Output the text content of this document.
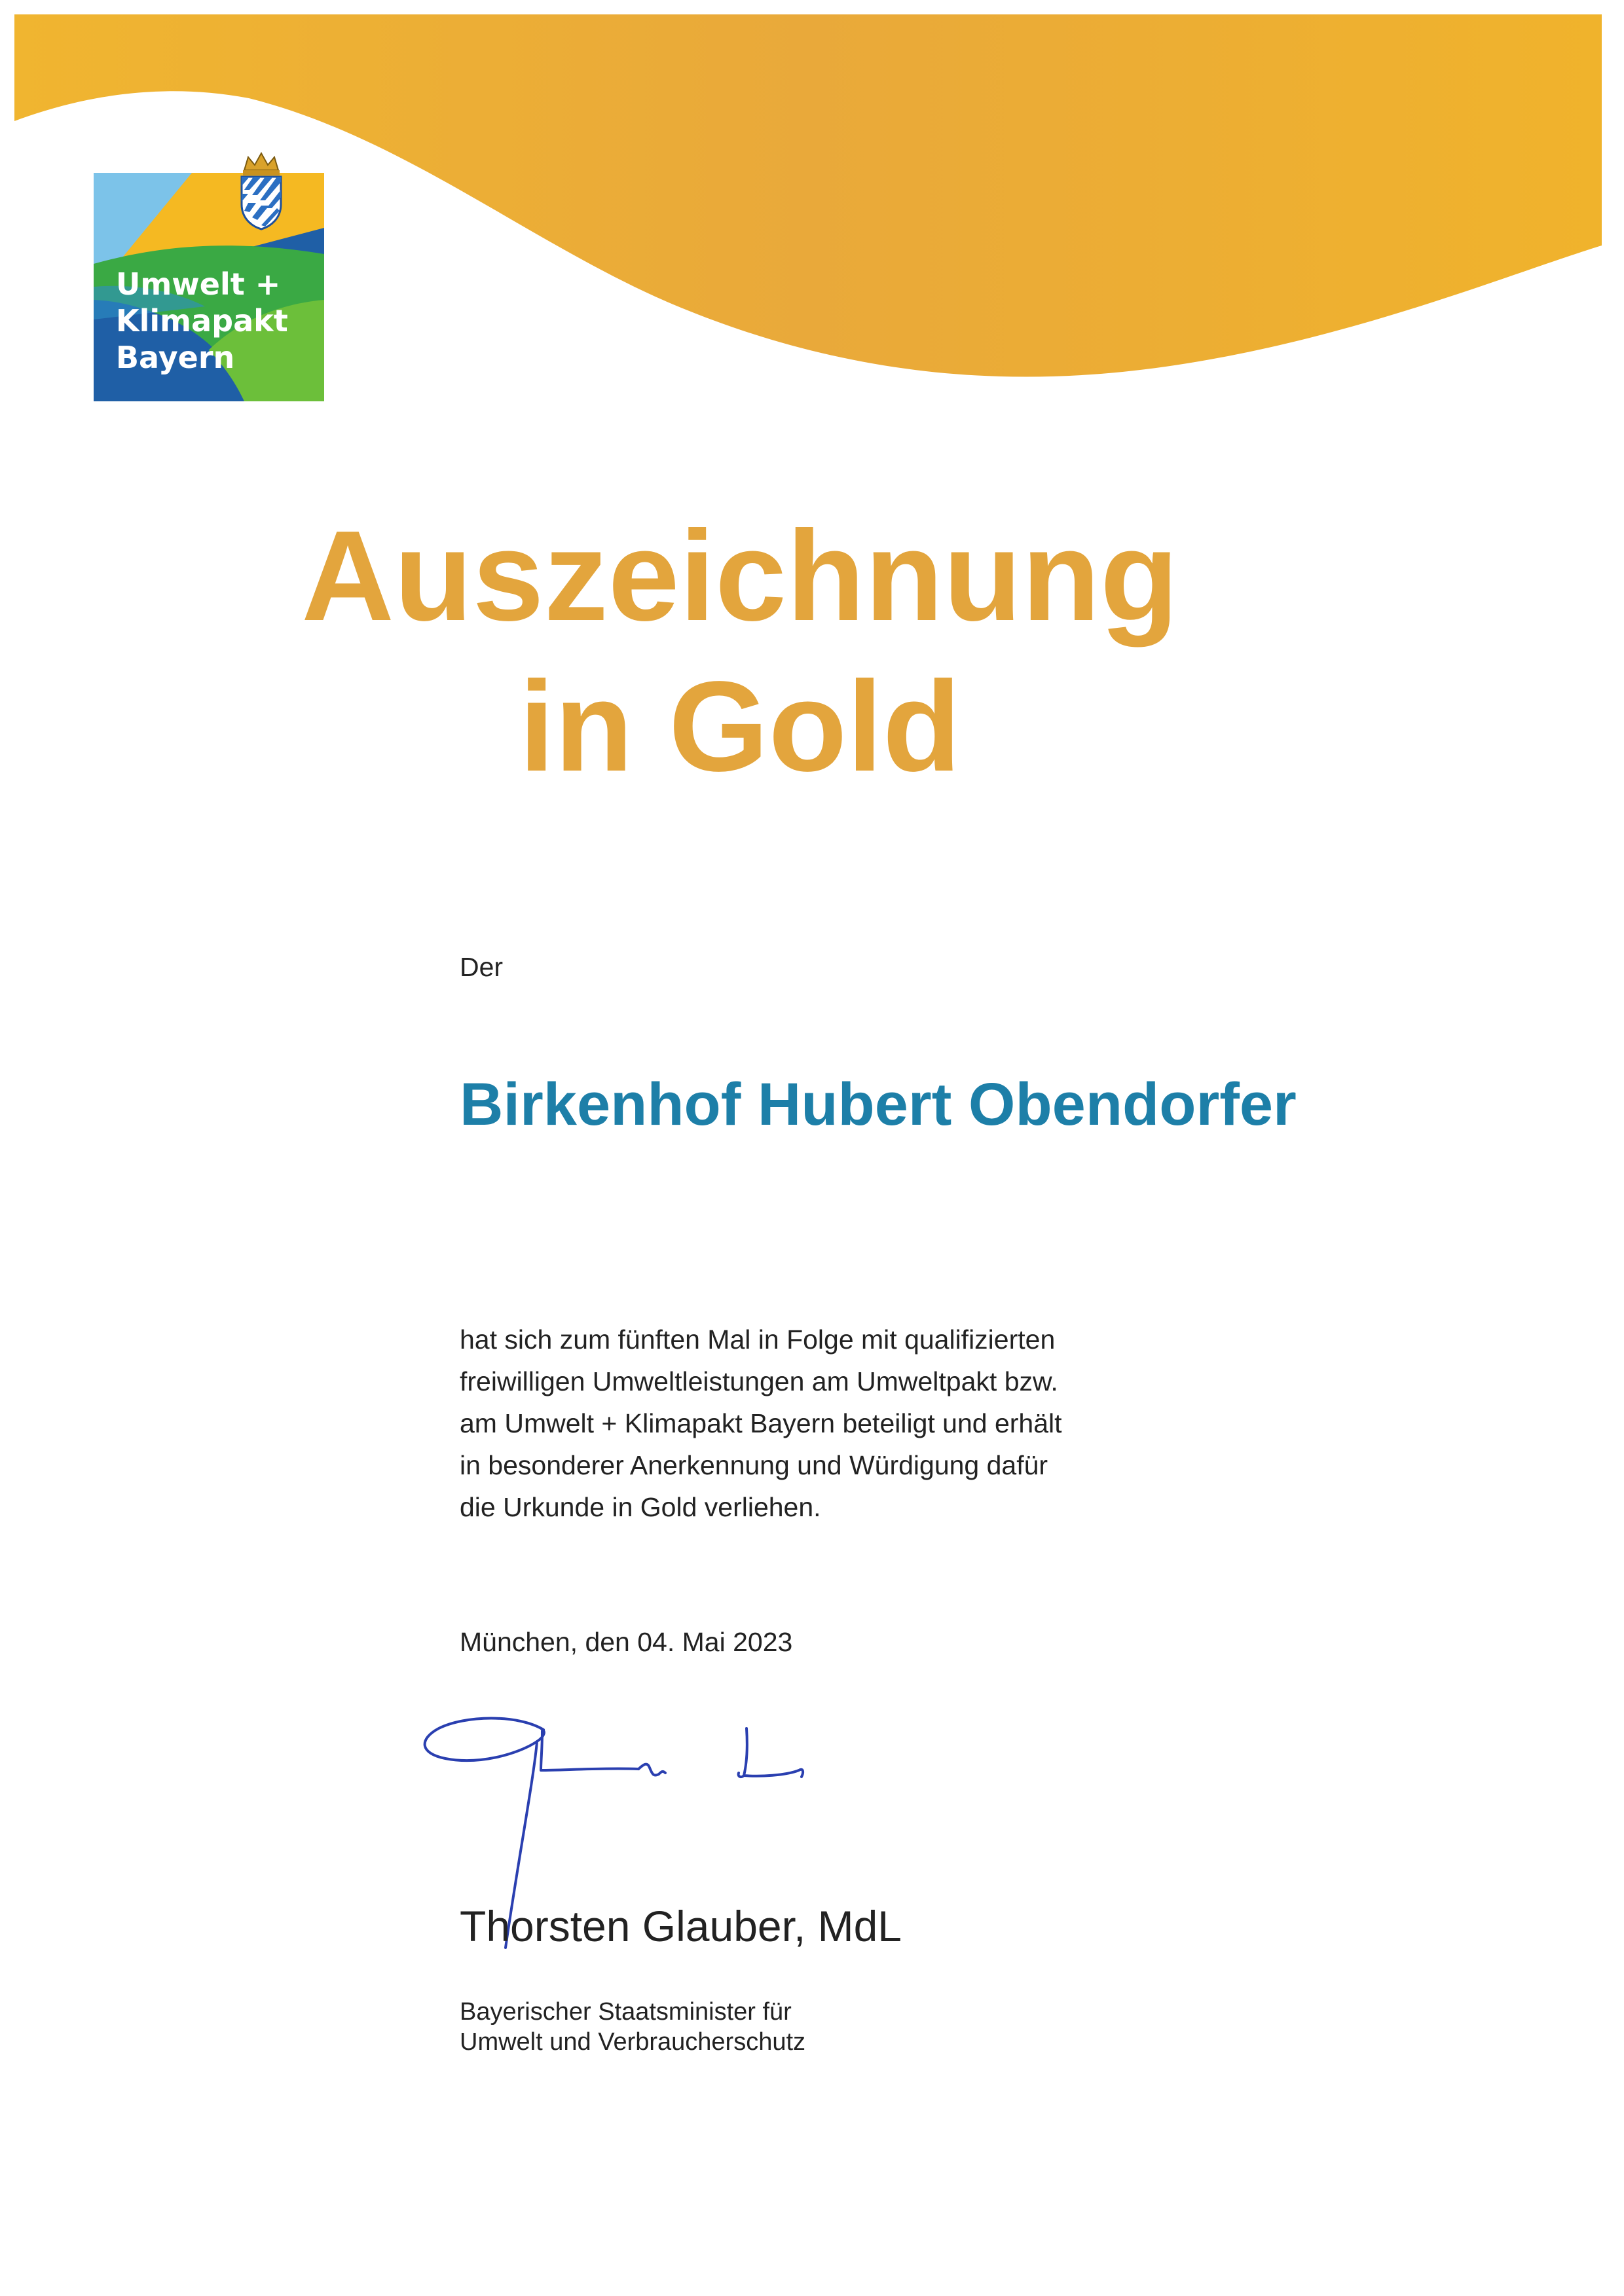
Umwelt +
Klimapakt
Bayern
Auszeichnung
in Gold

Der

Birkenhof Hubert Obendorfer

hat sich zum fünften Mal in Folge mit qualifizierten
freiwilligen Umweltleistungen am Umweltpakt bzw.
am Umwelt + Klimapakt Bayern beteiligt und erhält
in besonderer Anerkennung und Würdigung dafür
die Urkunde in Gold verliehen.

München, den 04. Mai 2023

Thorsten Glauber, MdL

Bayerischer Staatsminister für
Umwelt und Verbraucherschutz
